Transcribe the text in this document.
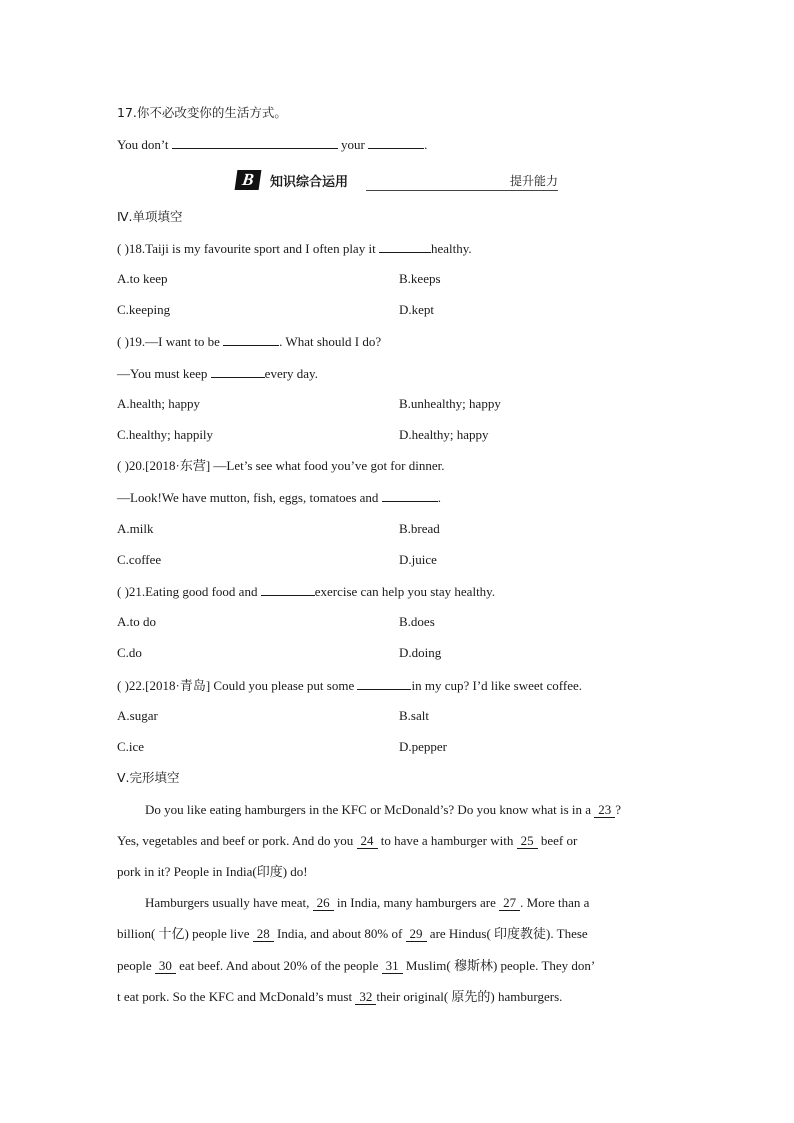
17.你不必改变你的生活方式。
You don’t	your	.
B	知识综合运用	提升能力
Ⅳ.单项填空
( )18.Taiji is my favourite sport and I often play it	healthy.
A.to keep	B.keeps
C.keeping	D.kept
( )19.—I want to be	. What should I do?
—You must keep	every day.
A.health; happy	B.unhealthy; happy
C.healthy; happily	D.healthy; happy
( )20.[2018·东营] —Let’s see what food you’ve got for dinner.
—Look!We have mutton, fish, eggs, tomatoes and	.
A.milk	B.bread
C.coffee	D.juice
( )21.Eating good food and	exercise can help you stay healthy.
A.to do	B.does
C.do	D.doing
( )22.[2018·青岛] Could you please put some	in my cup? I’d like sweet coffee.
A.sugar	B.salt
C.ice	D.pepper
Ⅴ.完形填空
Do you like eating hamburgers in the KFC or McDonald’s? Do you know what is in a 23 ?
Yes, vegetables and beef or pork. And do you 24 to have a hamburger with 25 beef or
pork in it? People in India(印度) do!
Hamburgers usually have meat, 26 in India, many hamburgers are 27 . More than a
billion( 十亿) people live 28 India, and about 80% of 29 are Hindus( 印度教徒). These
people 30 eat beef. And about 20% of the people 31 Muslim( 穆斯林) people. They don’
t eat pork. So the KFC and McDonald’s must 32 their original( 原先的) hamburgers.
